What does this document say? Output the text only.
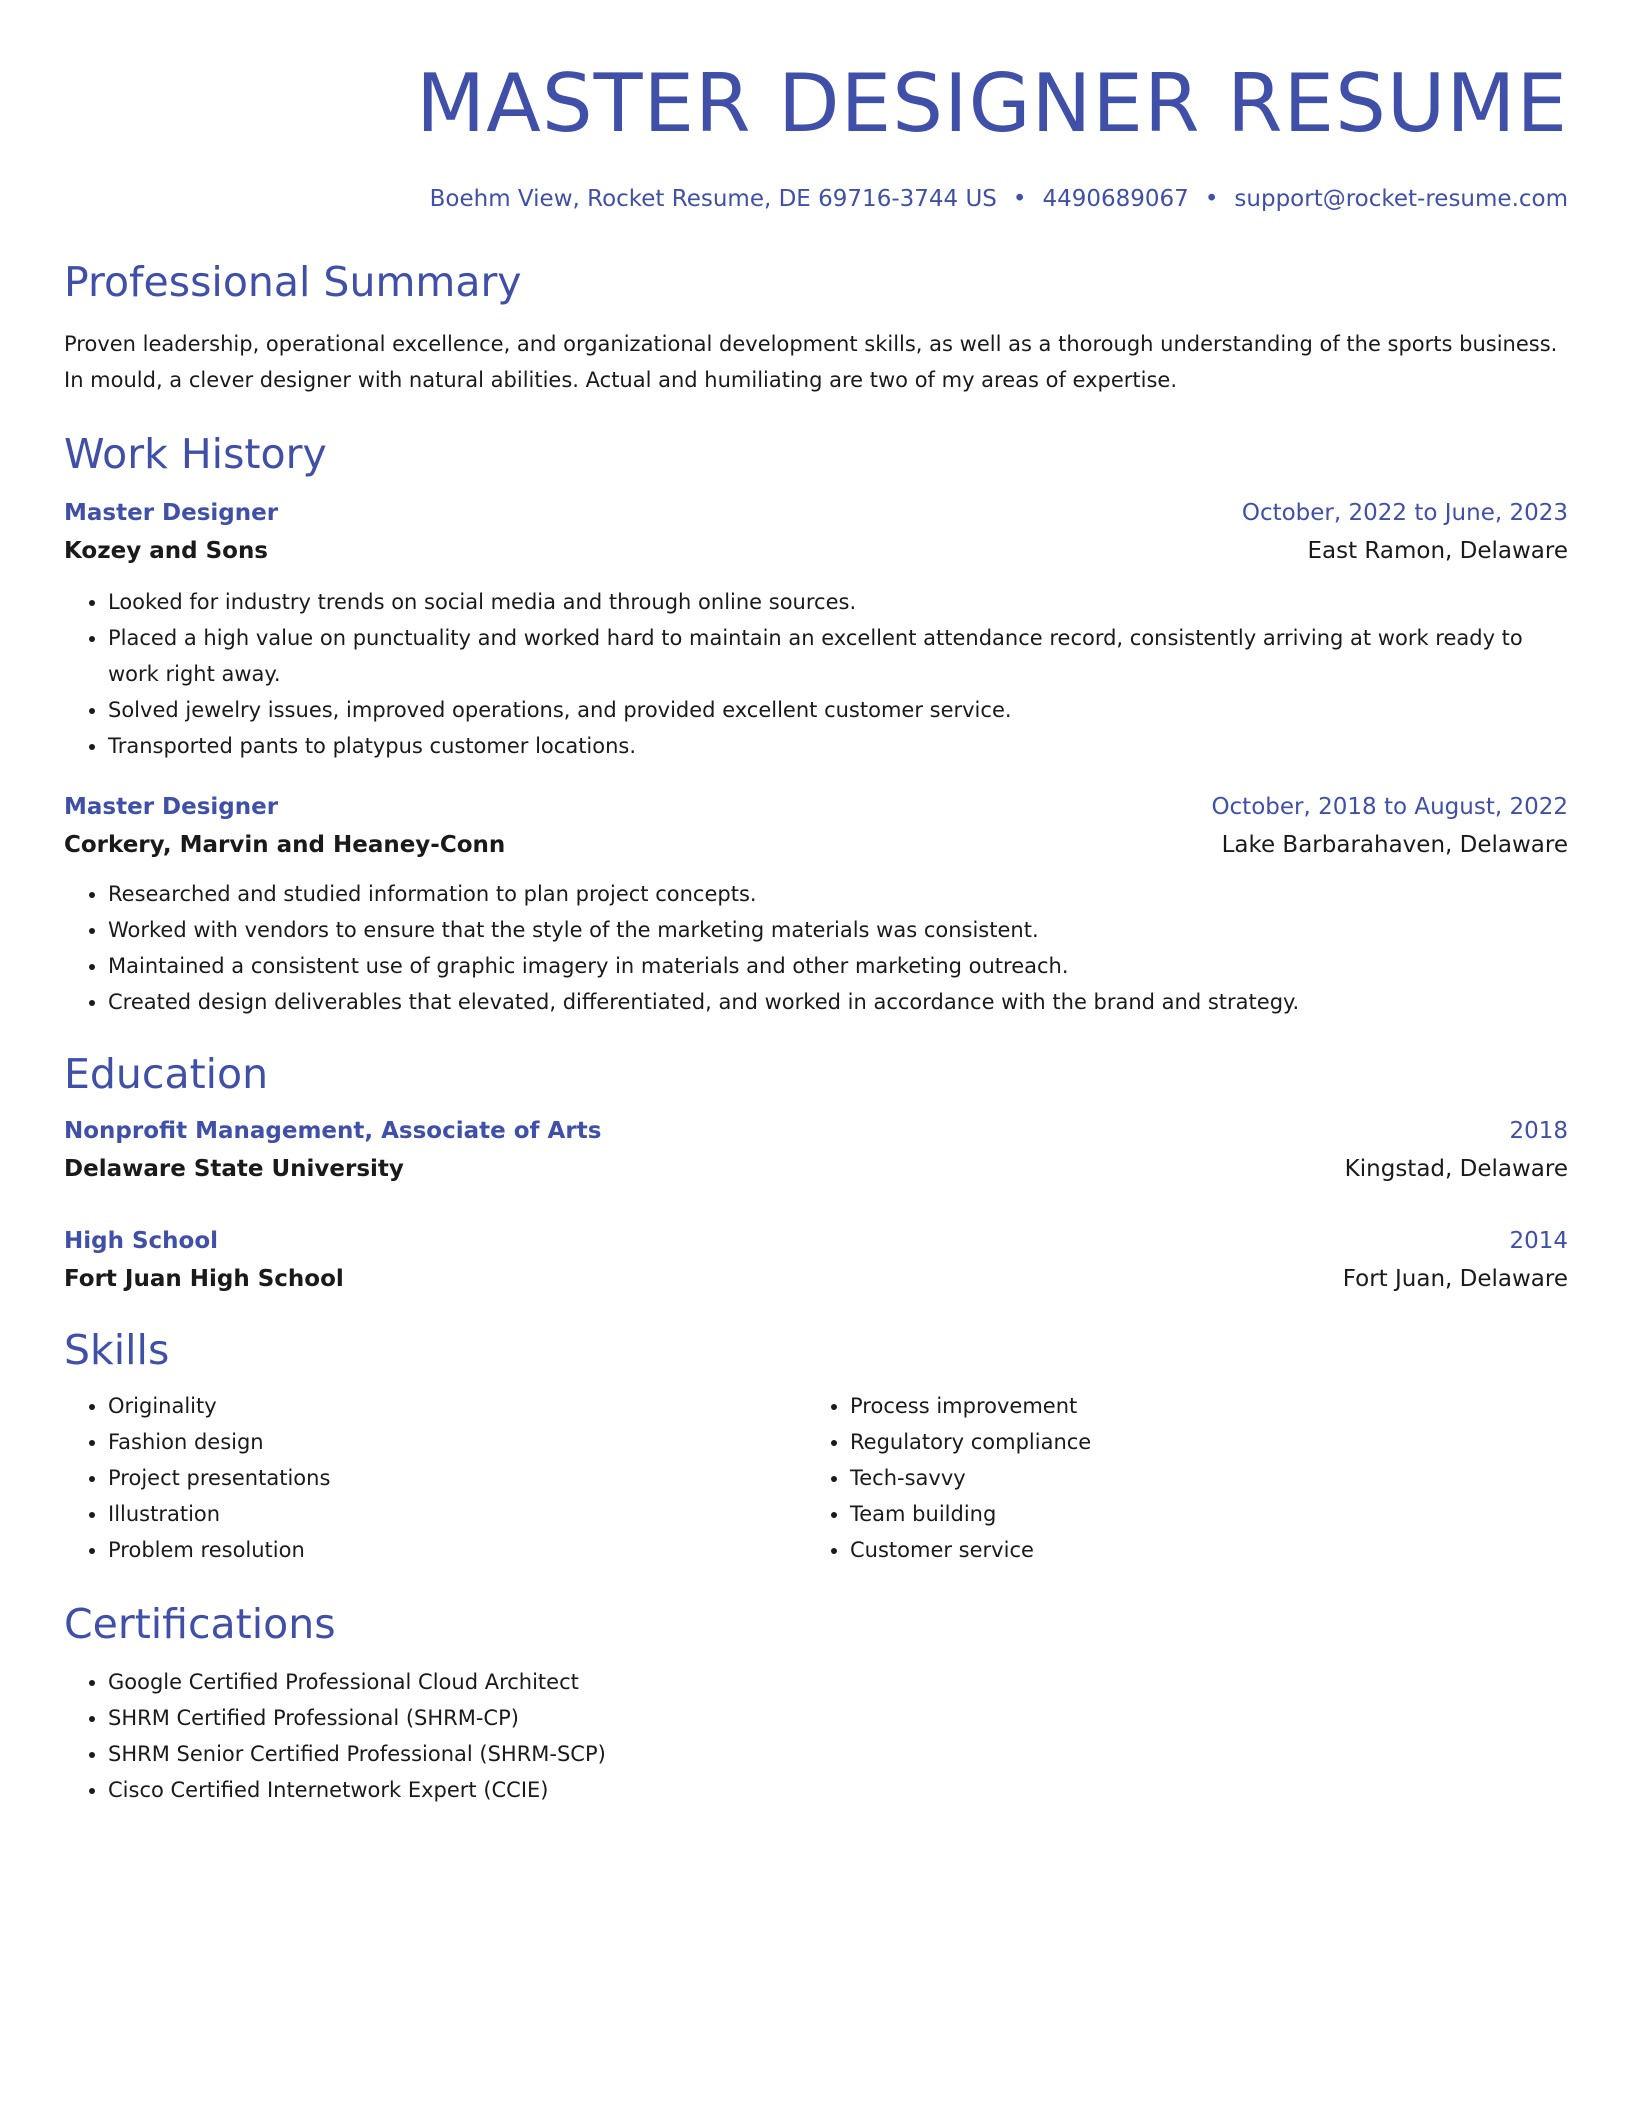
MASTER DESIGNER RESUME
Boehm View, Rocket Resume, DE 69716-3744 US • 4490689067 • support@rocket-resume.com
Professional Summary
Proven leadership, operational excellence, and organizational development skills, as well as a thorough understanding of the sports business. In mould, a clever designer with natural abilities. Actual and humiliating are two of my areas of expertise.
Work History
Master Designer	October, 2022 to June, 2023
Kozey and Sons	East Ramon, Delaware
• Looked for industry trends on social media and through online sources.
• Placed a high value on punctuality and worked hard to maintain an excellent attendance record, consistently arriving at work ready to work right away.
• Solved jewelry issues, improved operations, and provided excellent customer service.
• Transported pants to platypus customer locations.
Master Designer	October, 2018 to August, 2022
Corkery, Marvin and Heaney-Conn	Lake Barbarahaven, Delaware
• Researched and studied information to plan project concepts.
• Worked with vendors to ensure that the style of the marketing materials was consistent.
• Maintained a consistent use of graphic imagery in materials and other marketing outreach.
• Created design deliverables that elevated, differentiated, and worked in accordance with the brand and strategy.
Education
Nonprofit Management, Associate of Arts	2018
Delaware State University	Kingstad, Delaware
High School	2014
Fort Juan High School	Fort Juan, Delaware
Skills
• Originality
• Fashion design
• Project presentations
• Illustration
• Problem resolution
• Process improvement
• Regulatory compliance
• Tech-savvy
• Team building
• Customer service
Certifications
• Google Certified Professional Cloud Architect
• SHRM Certified Professional (SHRM-CP)
• SHRM Senior Certified Professional (SHRM-SCP)
• Cisco Certified Internetwork Expert (CCIE)
